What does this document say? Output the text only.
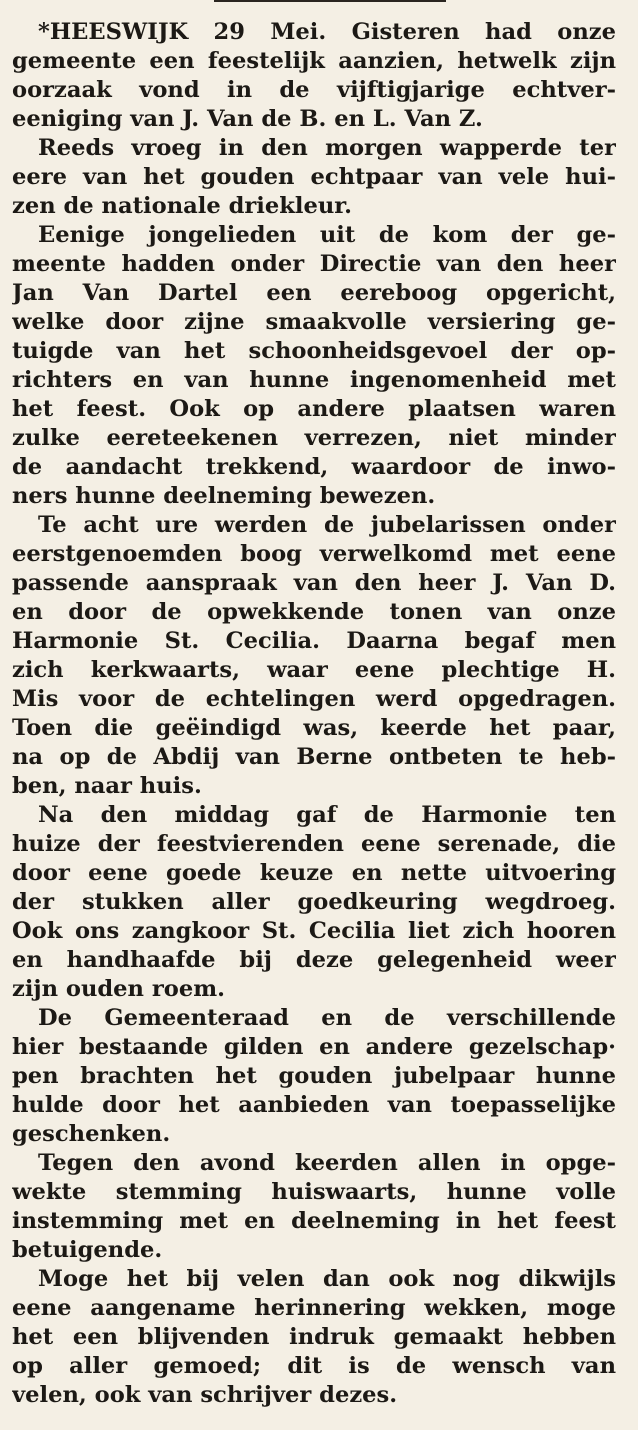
*HEESWIJK 29 Mei. Gisteren had onze
gemeente een feestelijk aanzien, hetwelk zijn
oorzaak vond in de vijftigjarige echtver-
eeniging van J. Van de B. en L. Van Z.
Reeds vroeg in den morgen wapperde ter
eere van het gouden echtpaar van vele hui-
zen de nationale driekleur.
Eenige jongelieden uit de kom der ge-
meente hadden onder Directie van den heer
Jan Van Dartel een eereboog opgericht,
welke door zijne smaakvolle versiering ge-
tuigde van het schoonheidsgevoel der op-
richters en van hunne ingenomenheid met
het feest. Ook op andere plaatsen waren
zulke eereteekenen verrezen, niet minder
de aandacht trekkend, waardoor de inwo-
ners hunne deelneming bewezen.
Te acht ure werden de jubelarissen onder
eerstgenoemden boog verwelkomd met eene
passende aanspraak van den heer J. Van D.
en door de opwekkende tonen van onze
Harmonie St. Cecilia. Daarna begaf men
zich kerkwaarts, waar eene plechtige H.
Mis voor de echtelingen werd opgedragen.
Toen die geëindigd was, keerde het paar,
na op de Abdij van Berne ontbeten te heb-
ben, naar huis.
Na den middag gaf de Harmonie ten
huize der feestvierenden eene serenade, die
door eene goede keuze en nette uitvoering
der stukken aller goedkeuring wegdroeg.
Ook ons zangkoor St. Cecilia liet zich hooren
en handhaafde bij deze gelegenheid weer
zijn ouden roem.
De Gemeenteraad en de verschillende
hier bestaande gilden en andere gezelschap·
pen brachten het gouden jubelpaar hunne
hulde door het aanbieden van toepasselijke
geschenken.
Tegen den avond keerden allen in opge-
wekte stemming huiswaarts, hunne volle
instemming met en deelneming in het feest
betuigende.
Moge het bij velen dan ook nog dikwijls
eene aangename herinnering wekken, moge
het een blijvenden indruk gemaakt hebben
op aller gemoed; dit is de wensch van
velen, ook van schrijver dezes.
